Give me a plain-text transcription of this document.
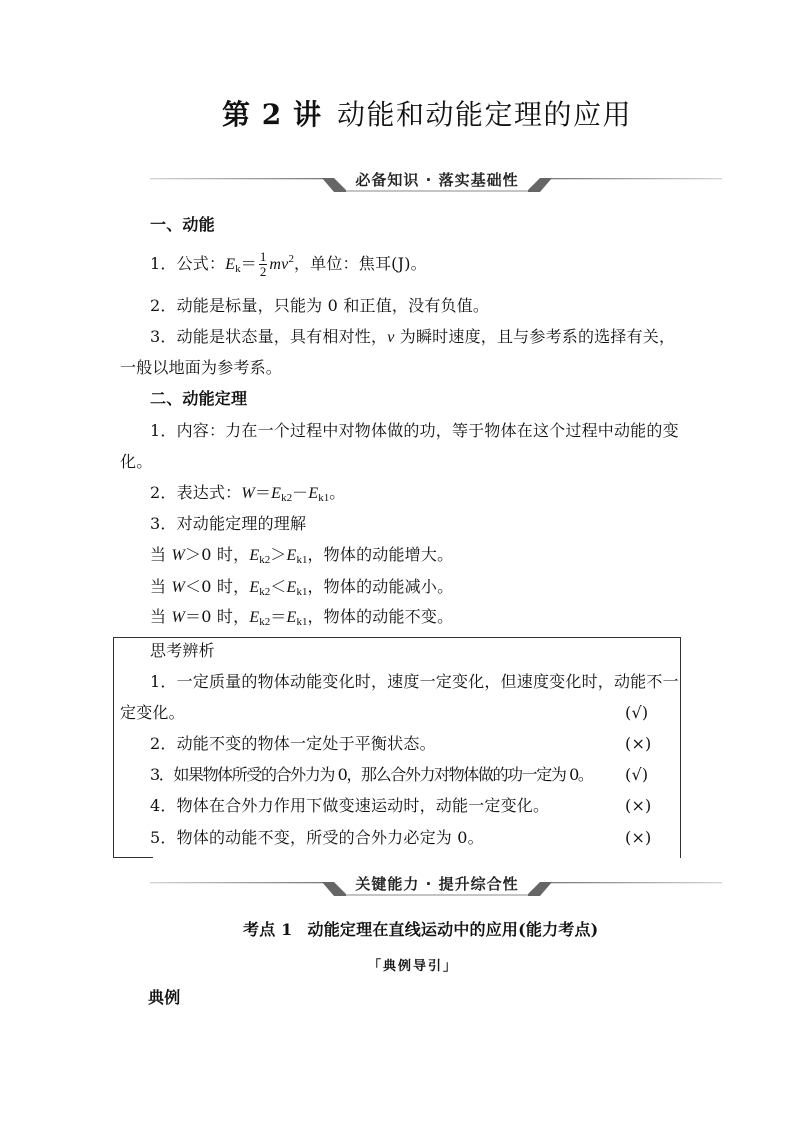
第 2 讲 动能和动能定理的应用
必备知识 · 落实基础性
一、动能
1．公式：$Ek= \frac{1}{2} mv^2$，单位：焦耳(J)。
2．动能是标量，只能为 0 和正值，没有负值。
3．动能是状态量，具有相对性，v 为瞬时速度，且与参考系的选择有关，
一般以地面为参考系。
二、动能定理
1．内容：力在一个过程中对物体做的功，等于物体在这个过程中动能的变
化。
2．表达式：W＝Ek2－Ek1。
3．对动能定理的理解
当 W＞0 时，Ek2＞Ek1，物体的动能增大。
当 W＜0 时，Ek2＜Ek1，物体的动能减小。
当 W＝0 时，Ek2＝Ek1，物体的动能不变。
思考辨析
1．一定质量的物体动能变化时，速度一定变化，但速度变化时，动能不一
定变化。	(√)
2．动能不变的物体一定处于平衡状态。	(×)
3．如果物体所受的合外力为 0，那么合外力对物体做的功一定为 0。 (√)
4．物体在合外力作用下做变速运动时，动能一定变化。	(×)
5．物体的动能不变，所受的合外力必定为 0。	(×)
关键能力 · 提升综合性
考点 1 动能定理在直线运动中的应用(能力考点)
「典例导引」
典例
